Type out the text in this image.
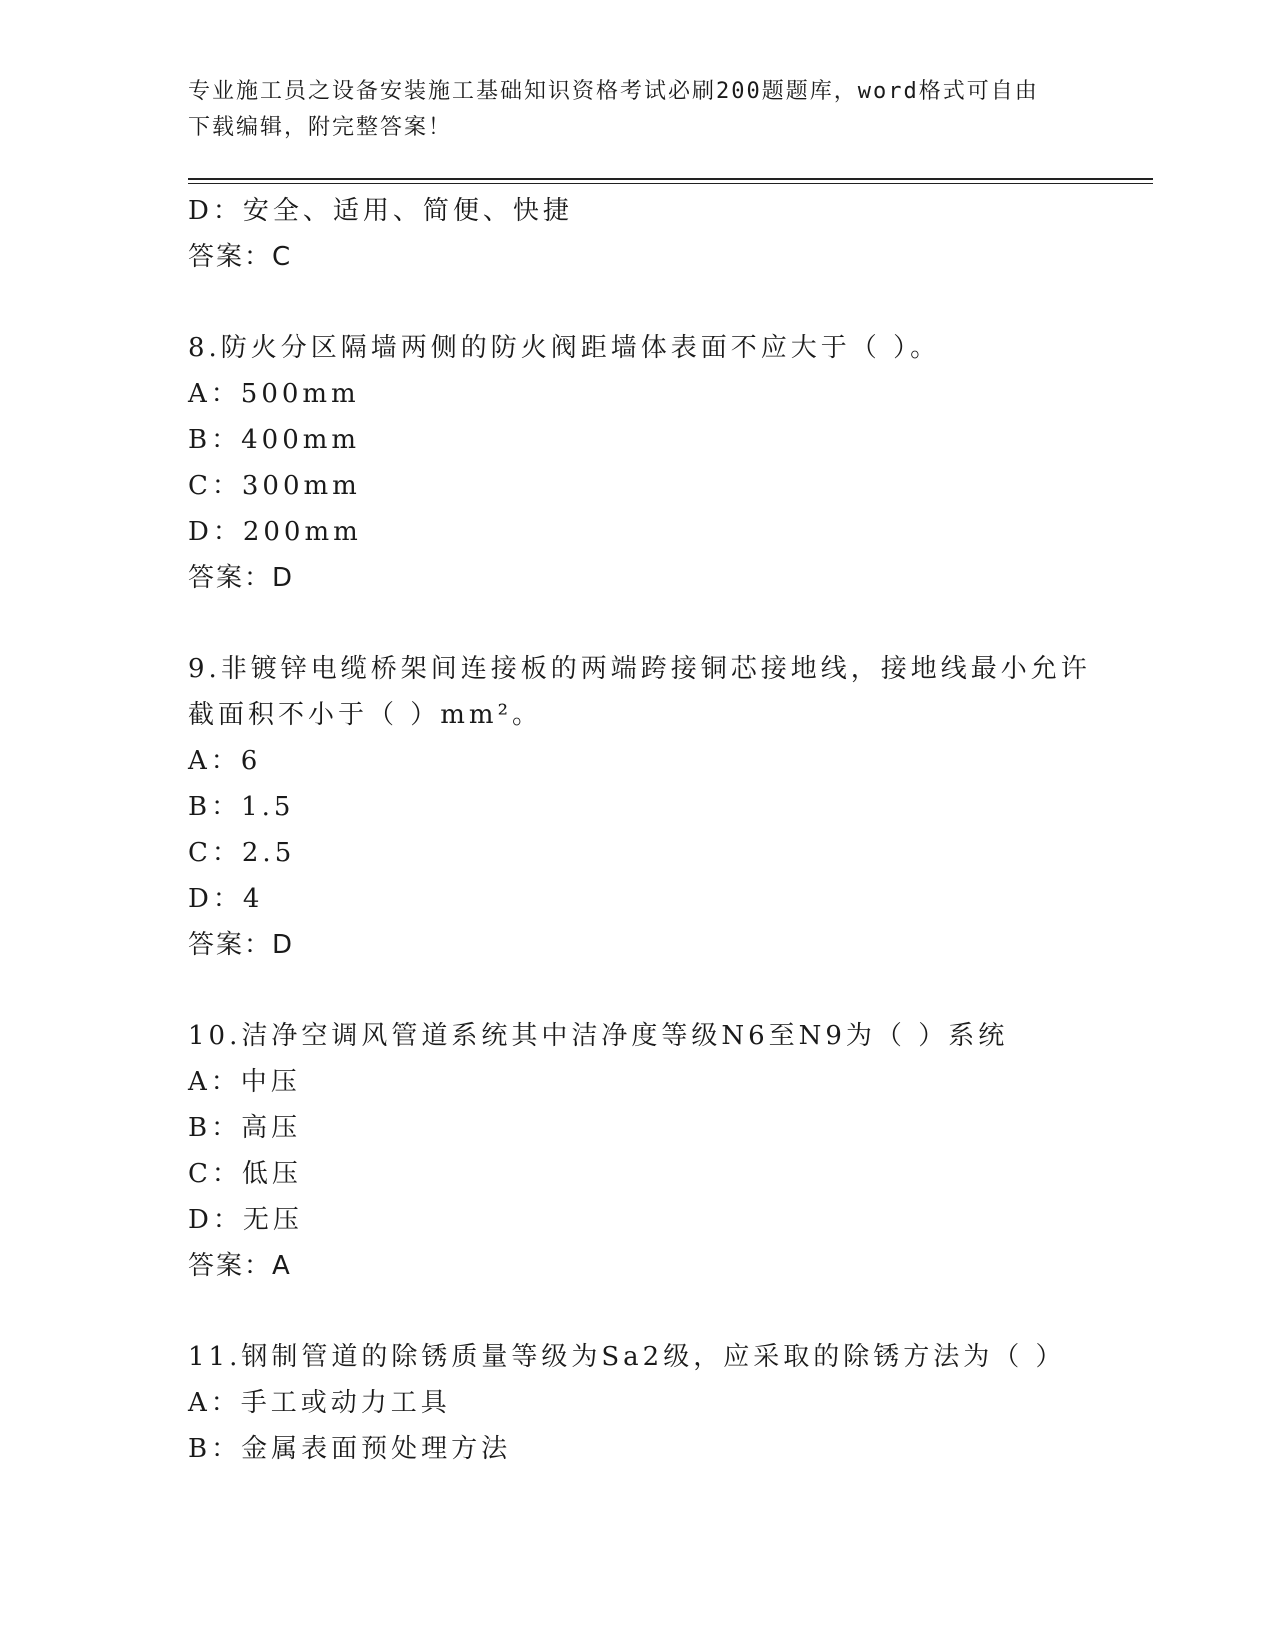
专业施工员之设备安装施工基础知识资格考试必刷200题题库，word格式可自由
下载编辑，附完整答案！
D：安全、适用、简便、快捷
答案：C
8.防火分区隔墙两侧的防火阀距墙体表面不应大于（ ）。
A：500mm
B：400mm
C：300mm
D：200mm
答案：D
9.非镀锌电缆桥架间连接板的两端跨接铜芯接地线，接地线最小允许
截面积不小于（ ）mm²。
A：6
B：1.5
C：2.5
D：4
答案：D
10.洁净空调风管道系统其中洁净度等级N6至N9为（ ）系统
A：中压
B：高压
C：低压
D：无压
答案：A
11.钢制管道的除锈质量等级为Sa2级，应采取的除锈方法为（ ）
A：手工或动力工具
B：金属表面预处理方法
